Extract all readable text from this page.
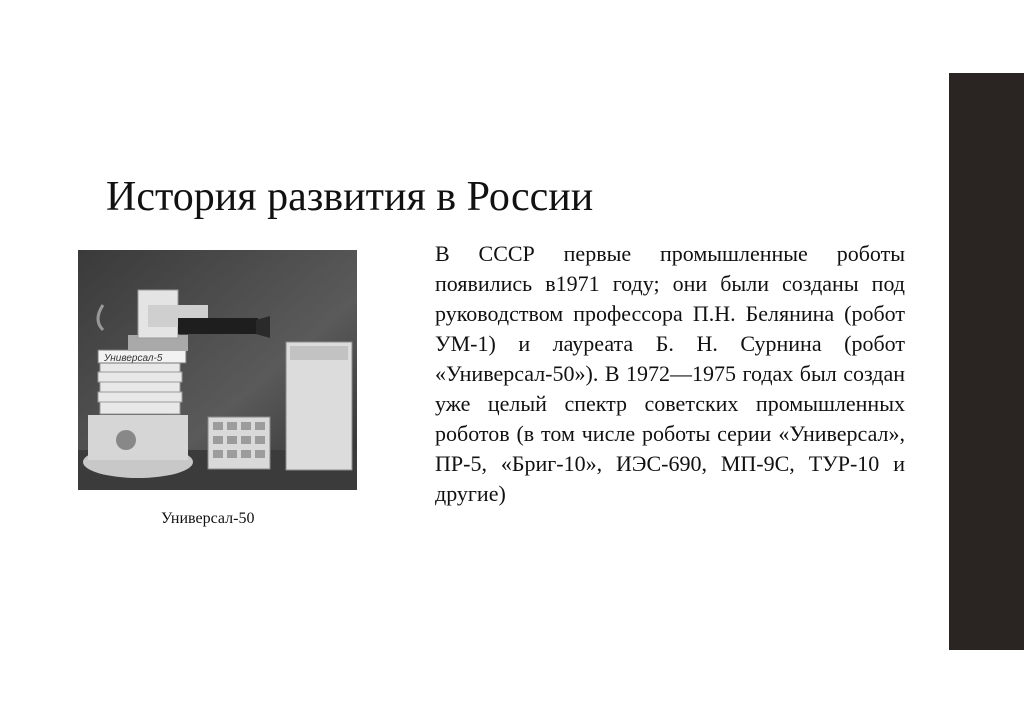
История развития в России
Универсал-5
Универсал-50

В СССР первые промышленные роботы появились в1971 году; они были созданы под руководством профессора П.Н. Белянина (робот УМ-1) и лауреата Б. Н. Сурнина (робот «Универсал-50»). В 1972—1975 годах был создан уже целый спектр советских промышленных роботов (в том числе роботы серии «Универсал», ПР-5, «Бриг-10», ИЭС-690, МП-9С, ТУР-10 и другие)
